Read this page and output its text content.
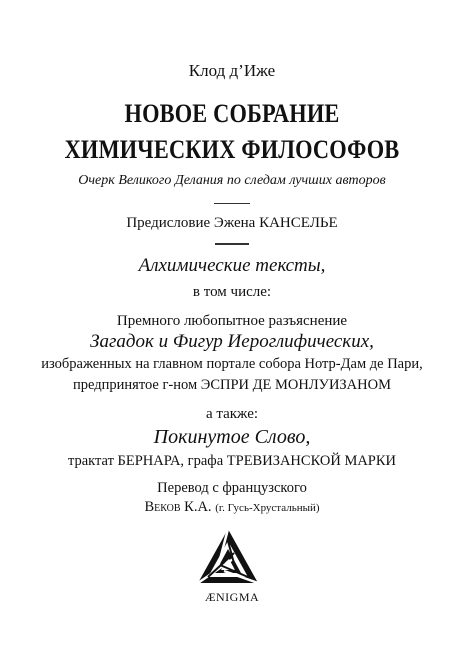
Клод д’Иже
НОВОЕ СОБРАНИЕ
ХИМИЧЕСКИХ ФИЛОСОФОВ
Очерк Великого Делания по следам лучших авторов
Предисловие Эжена КАНСЕЛЬЕ
Алхимические тексты,
в том числе:
Премного любопытное разъяснение
Загадок и Фигур Иероглифических,
изображенных на главном портале собора Нотр-Дам де Пари,
предпринятое г-ном ЭСПРИ ДЕ МОНЛУИЗАНОМ
а также:
Покинутое Слово,
трактат БЕРНАРА, графа ТРЕВИЗАНСКОЙ МАРКИ
Перевод с французского
Веков К.А. (г. Гусь-Хрустальный)
ÆNIGMA
